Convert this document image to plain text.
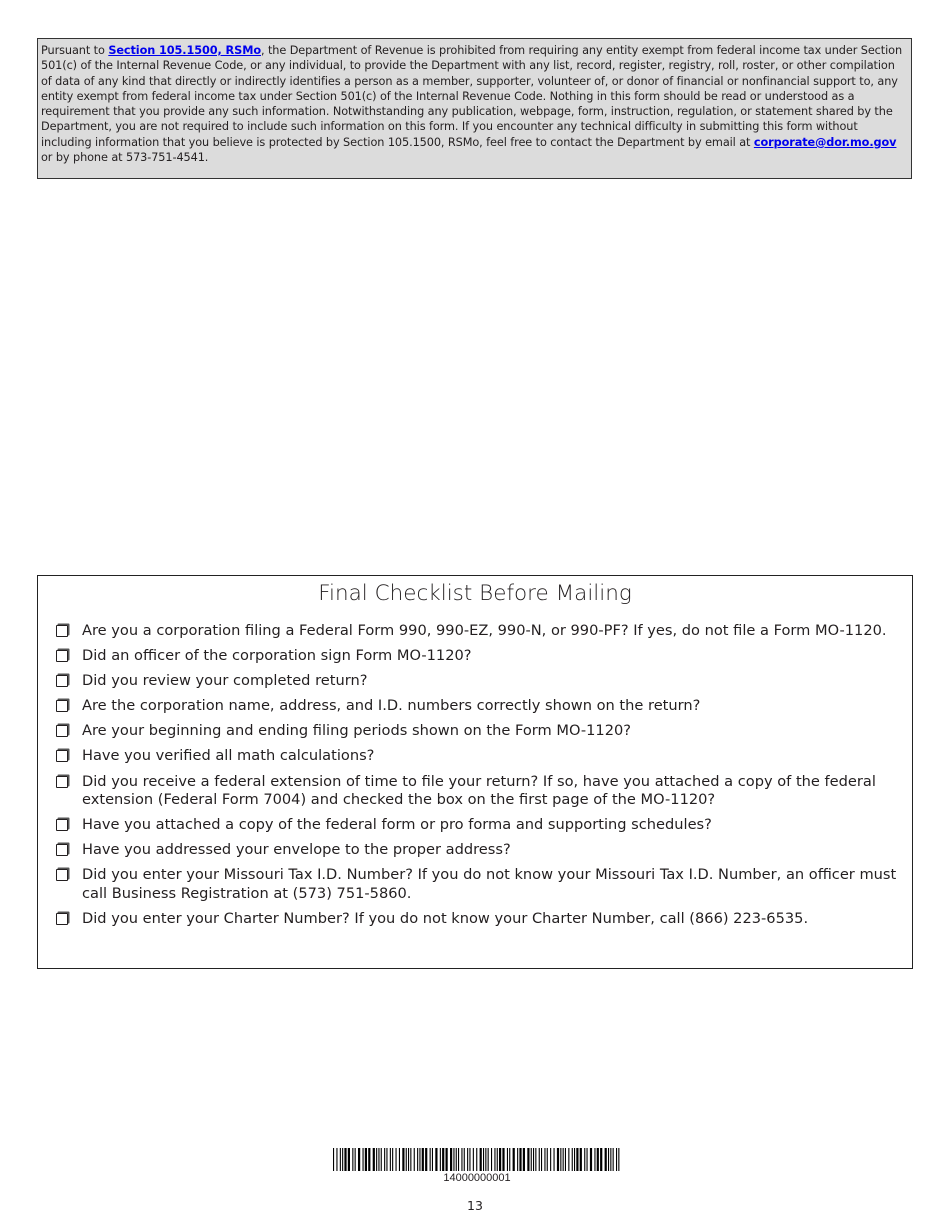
Pursuant to Section 105.1500, RSMo, the Department of Revenue is prohibited from requiring any entity exempt from federal income tax under Section 501(c) of the Internal Revenue Code, or any individual, to provide the Department with any list, record, register, registry, roll, roster, or other compilation of data of any kind that directly or indirectly identifies a person as a member, supporter, volunteer of, or donor of financial or nonfinancial support to, any entity exempt from federal income tax under Section 501(c) of the Internal Revenue Code. Nothing in this form should be read or understood as a requirement that you provide any such information. Notwithstanding any publication, webpage, form, instruction, regulation, or statement shared by the Department, you are not required to include such information on this form. If you encounter any technical difficulty in submitting this form without including information that you believe is protected by Section 105.1500, RSMo, feel free to contact the Department by email at corporate@dor.mo.gov or by phone at 573-751-4541.
Final Checklist Before Mailing
Are you a corporation filing a Federal Form 990, 990-EZ, 990-N, or 990-PF? If yes, do not file a Form MO-1120.
Did an officer of the corporation sign Form MO-1120?
Did you review your completed return?
Are the corporation name, address, and I.D. numbers correctly shown on the return?
Are your beginning and ending filing periods shown on the Form MO-1120?
Have you verified all math calculations?
Did you receive a federal extension of time to file your return? If so, have you attached a copy of the federal extension (Federal Form 7004) and checked the box on the first page of the MO-1120?
Have you attached a copy of the federal form or pro forma and supporting schedules?
Have you addressed your envelope to the proper address?
Did you enter your Missouri Tax I.D. Number? If you do not know your Missouri Tax I.D. Number, an officer must call Business Registration at (573) 751-5860.
Did you enter your Charter Number? If you do not know your Charter Number, call (866) 223-6535.
14000000001
13
